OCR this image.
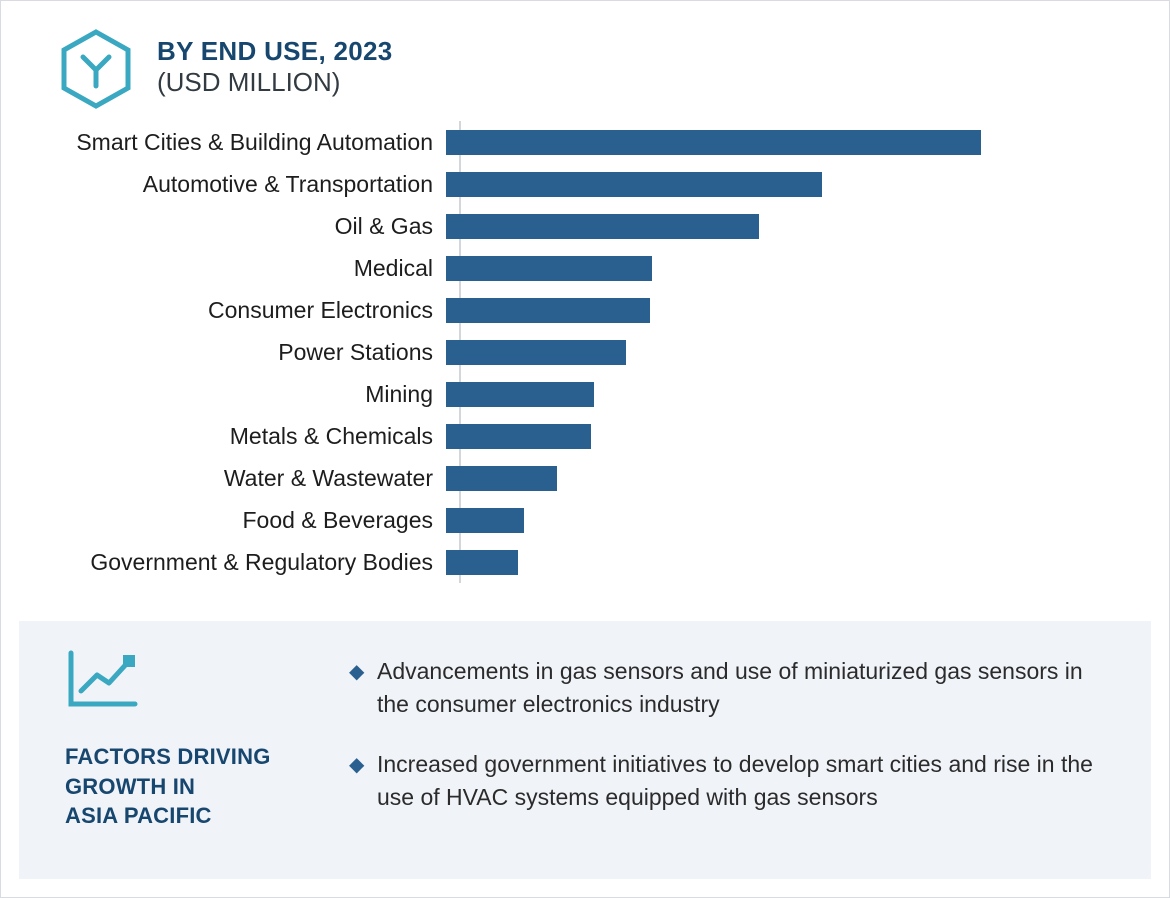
BY END USE, 2023
(USD MILLION)
Smart Cities & Building Automation
Automotive & Transportation
Oil & Gas
Medical
Consumer Electronics
Power Stations
Mining
Metals & Chemicals
Water & Wastewater
Food & Beverages
Government & Regulatory Bodies
FACTORS DRIVING
GROWTH IN
ASIA PACIFIC
◆ Advancements in gas sensors and use of miniaturized gas sensors in the consumer electronics industry
◆ Increased government initiatives to develop smart cities and rise in the use of HVAC systems equipped with gas sensors
